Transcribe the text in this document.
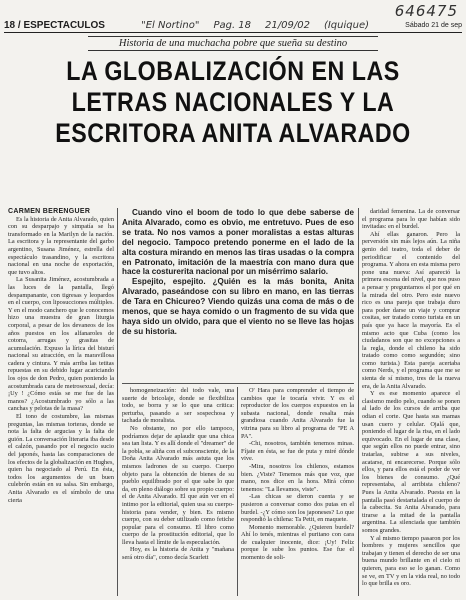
646475
18 / ESPECTACULOS	"El Nortino" Pag. 18 21/09/02 (Iquique)	Sábado 21 de sep
Historia de una muchacha pobre que sueña su destino
LA GLOBALIZACIÓN EN LAS LETRAS NACIONALES Y LA ESCRITORA ANITA ALVARADO

CARMEN BERENGUER

Es la historia de Anita Alvarado, quien con su desparpajo y simpatía se ha transformado en la Marilyn de la nación. La escritora y la representante del garbo argentino, Susana Jiménez, estrella del espectáculo trasandino, y la escritora nacional en una noche de exportación, que tuvo altos.

La Susanita Jiménez, acostumbrada a las luces de la pantalla, llegó despampanante, con tigresas y leopardos en el cuerpo, con liposucciones múltiples. Y en el modo canchero que le conocemos hizo una muestra de gran liturgia corporal, a pesar de los devaneos de los años puestos en los alfanaroles de cotorra, arrugas y grasitas de acumulación. Expuso la lírica del bisturí nacional su atracción, en la maravillosa cadera y cintura. Y más arriba las tetitas repuestas en su debido lugar acariciando los ojos de don Pedro, quien poniendo la acostumbrada cara de metrosexual, decía: ¡Uy ! ¿Cómo estás se me fue de las manos? ¿Acostumbrado yo sólo a las canchas y pelotas de la masa?

El tono de costumbre, las mismas preguntas, las mismas torteras, donde se nota la falta de argucias y la falta de guión. La conversación literaria iba desde el calzón, pasando por el negocio sucio del japonés, hasta las comparaciones de los efectos de la globalización en Hughes, quien ha negociado al Perú. En ésta, todos los argumentos de un buen culebrón están en su salsa. Sin embargo, Anita Alvarado es el símbolo de una cierta

Cuando vino el boom de todo lo que debe saberse de Anita Alvarado, como es obvio, me entretuvo. Pues de eso se trata. No nos vamos a poner moralistas a estas alturas del negocio. Tampoco pretendo ponerme en el lado de la alta costura mirando en menos las tiras usadas o la compra en Patronato, imitación de la maestría con mano dura que hace la costurerita nacional por un misérrimo salario.

Espejito, espejito. ¿Quién es la más bonita, Anita Alvarado, paseándose con su libro en mano, en las tierras de Tara en Chicureo? Viendo quizás una coma de más o de menos, que se haya comido o un fragmento de su vida que haya sido un olvido, para que el viento no se lleve las hojas de su historia.

homogeneización: del todo vale, una suerte de bricolaje, donde se flexibiliza todo, se borra y se lo que una critica: perturba, pasando a ser sospechosa y tachada de moralista.

No obstante, no por ello tampoco, podríamos dejar de aplaudir que una chica sea tan lista. Y es allí donde el "dreamer" de la pobla, se aliña con el subconsciente, de la Doña Anita Alvarado más astuta que los mismos ladrones de su cuerpo. Cuerpo objeto para la obtención de bienes de su pueblo equilibrado por el que sabe lo que da, en pleno diálogo sobre su propio cuerpo: el de Anita Alvarado. El que aún ver en el intimo por la editorial, quien usa su cuerpo-historia para vender, y bien. Es mismo cuerpo, con su deber utilizado como fetiche popular para el consumo. El libro como cuerpo de la prostitución editorial, que lo lleva hasta el límite de la especulación.

Hoy, es la historia de Anita y "mañana será otro día", como decía Scarlett

O' Hara para comprender el tiempo de cambios que le tocaría vivir. Y es el reproductor de los cuerpos expuestos en la subasta nacional, donde resalta más grandiosa cuando Anita Alvarado fue la vitrina para su libro al programa de "PE A PA".

-Chi, nosotros, también tenemos minas. Fíjate en ésta, se fue de puta y miré dónde vive.

-Mira, nosotros los chilenos, estamos bien. ¿Viste? Tenemos más que voz, que mano, nos dice en la hora. Mirá cómo tenemos: "La llevamos, viste".

-Las chicas se dieron cuenta y se pusieron a conversar como dos putas en el burdel. -¿Y cómo son los japoneses? Lo que respondió la chilena: Ta Petit, en maquete.

Momento memorable. ¿Quieren burdel? Ahí lo tenés, mientras el puritano con cara de cualquier inocente, dice: ¡Uy! Feliz porque le sube los puntos. Ese fue el momento de soli-

daridad femenina. La de conversar el programa para lo que habían sido invitadas: en el burdel.

Ahí ellas ganaron. Pero la perversión sin más lejos aún. La niña genio del teatro, toda el deber de periodificar el contenido del programa. Y ahora en esta misma pero pone una nueva: Así apareció la primera escena del nivel, que nos puso a pensar y preguntarnos el por qué en la mirada del otro. Pero este nuevo rico es una pareja que trabaja duro para poder darse un viaje y comprar cositas, ser tratado como turista en un país que ya hace la mayoría. Es el mismo acto que Cuba (como los ciudadanos son que no excepciones a la regla, donde el chileno ha sido tratado como como segundón; sino como turista.) Esta pareja acertaba como Nerds, y el programa que me se sienta de sí mismo, tres de la nueva era, de la Anita Alvarado.

Y es ese momento aparece el clasismo medio pelo, cuando se ponen al lado de los cursos de arriba que odian el corte. Que hasta sus mamas usan cuero y celular. Ojalá que, poniendo el lugar de la risa, en el lado equivocado. En el lugar de una clase, que según ellos no puede entrar, sino tratarlas, subirse a sus niveles, acatarse, ni encarecerse. Porque sólo ellos, y para ellos está el poder de ver los bienes de consumo. ¿Qué representaba, al arribista chileno? Pues la Anita Alvarado. Puesta en la pantalla pasó destartalada el cuerpo de la cabecita. Su Anita Alvarado, para tirarse a la mitad de la pantalla argentina. La silenciada que también somos grandes.

Y al mismo tiempo pasaron por los hombres y mujeres sencillos que trabajan y tienen el derecho de ser una buena mundo brillante en el cielo ni quieren, para eso se lo ganan. Como se ve, en TV y en la vida real, no todo lo que brilla es oro.
